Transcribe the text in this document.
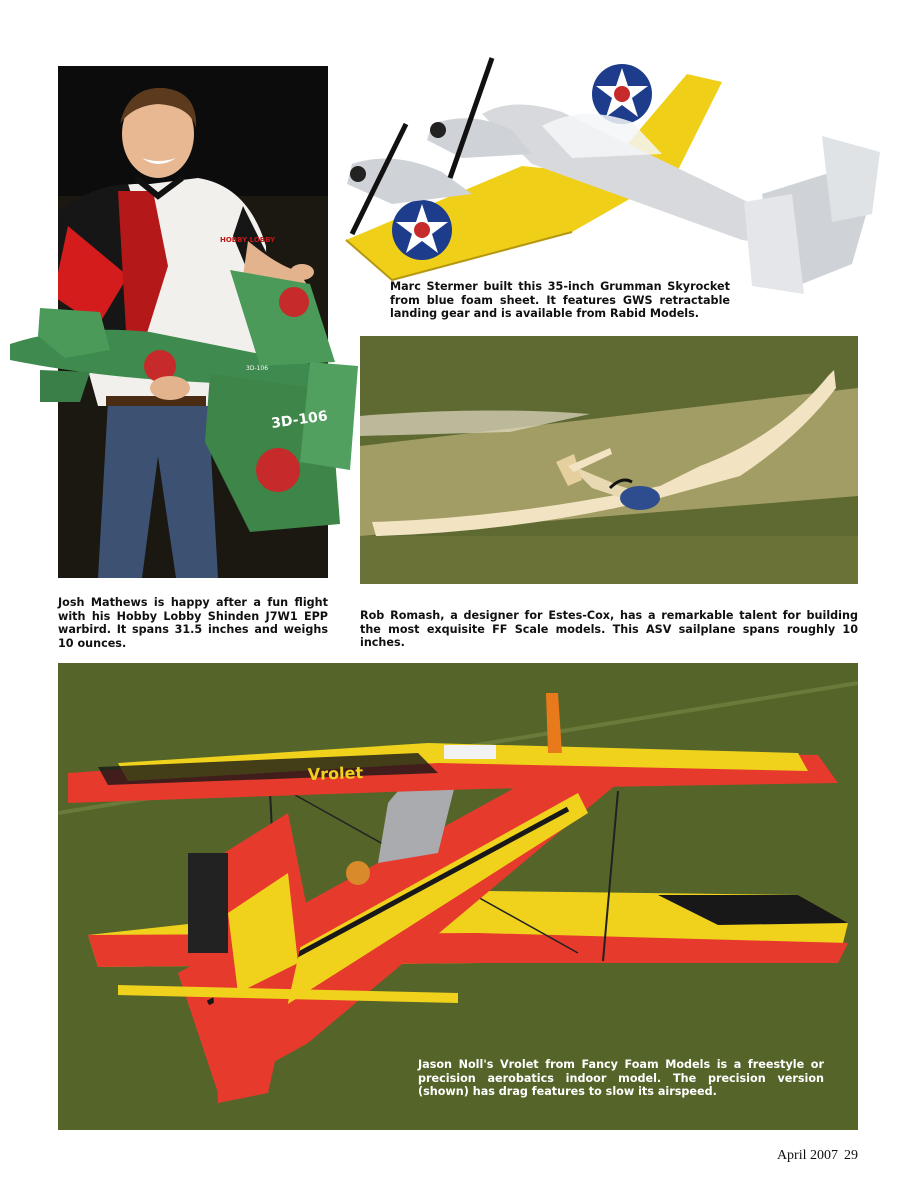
HOBBY LOBBY
3D-106
3D-106
Marc Stermer built this 35-inch Grumman Skyrocket from blue foam sheet. It features GWS retractable landing gear and is available from Rabid Models.
Josh Mathews is happy after a fun flight with his Hobby Lobby Shinden J7W1 EPP warbird. It spans 31.5 inches and weighs 10 ounces.
Rob Romash, a designer for Estes-Cox, has a remarkable talent for building the most exquisite FF Scale models. This ASV sailplane spans roughly 10 inches.
Vrolet
Jason Noll's Vrolet from Fancy Foam Models is a freestyle or precision aerobatics indoor model. The precision version (shown) has drag features to slow its airspeed.
April 2007 29
